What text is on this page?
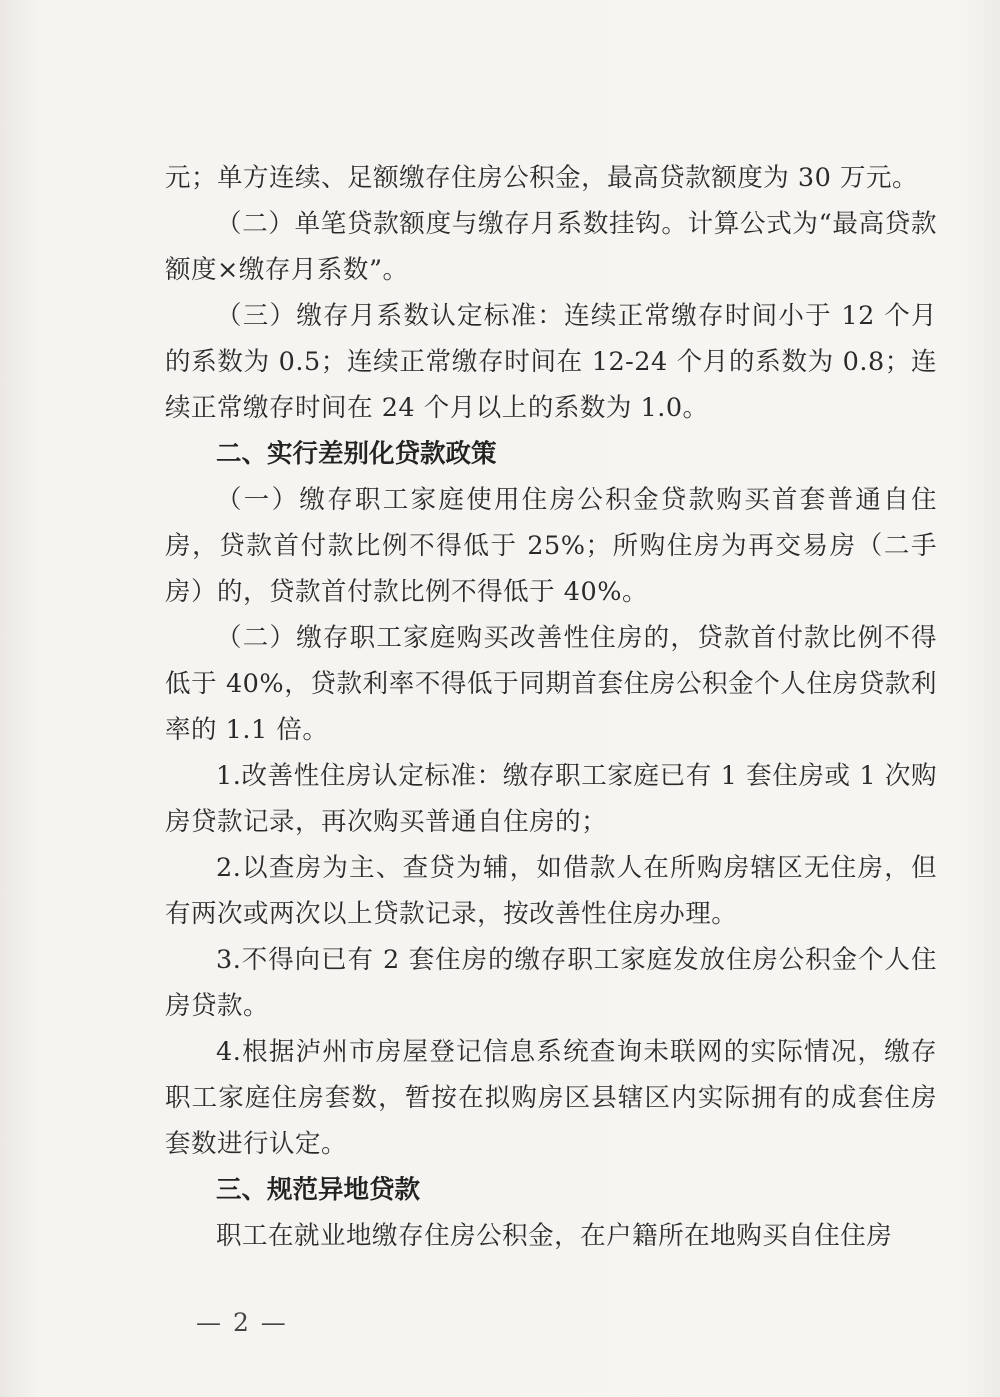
元；单方连续、足额缴存住房公积金，最高贷款额度为 30 万元。

（二）单笔贷款额度与缴存月系数挂钩。计算公式为“最高贷款额度×缴存月系数”。

（三）缴存月系数认定标准：连续正常缴存时间小于 12 个月的系数为 0.5；连续正常缴存时间在 12-24 个月的系数为 0.8；连续正常缴存时间在 24 个月以上的系数为 1.0。

二、实行差别化贷款政策

（一）缴存职工家庭使用住房公积金贷款购买首套普通自住房，贷款首付款比例不得低于 25%；所购住房为再交易房（二手房）的，贷款首付款比例不得低于 40%。

（二）缴存职工家庭购买改善性住房的，贷款首付款比例不得低于 40%，贷款利率不得低于同期首套住房公积金个人住房贷款利率的 1.1 倍。

1.改善性住房认定标准：缴存职工家庭已有 1 套住房或 1 次购房贷款记录，再次购买普通自住房的；

2.以查房为主、查贷为辅，如借款人在所购房辖区无住房，但有两次或两次以上贷款记录，按改善性住房办理。

3.不得向已有 2 套住房的缴存职工家庭发放住房公积金个人住房贷款。

4.根据泸州市房屋登记信息系统查询未联网的实际情况，缴存职工家庭住房套数，暂按在拟购房区县辖区内实际拥有的成套住房套数进行认定。

三、规范异地贷款

职工在就业地缴存住房公积金，在户籍所在地购买自住住房

— 2 —
